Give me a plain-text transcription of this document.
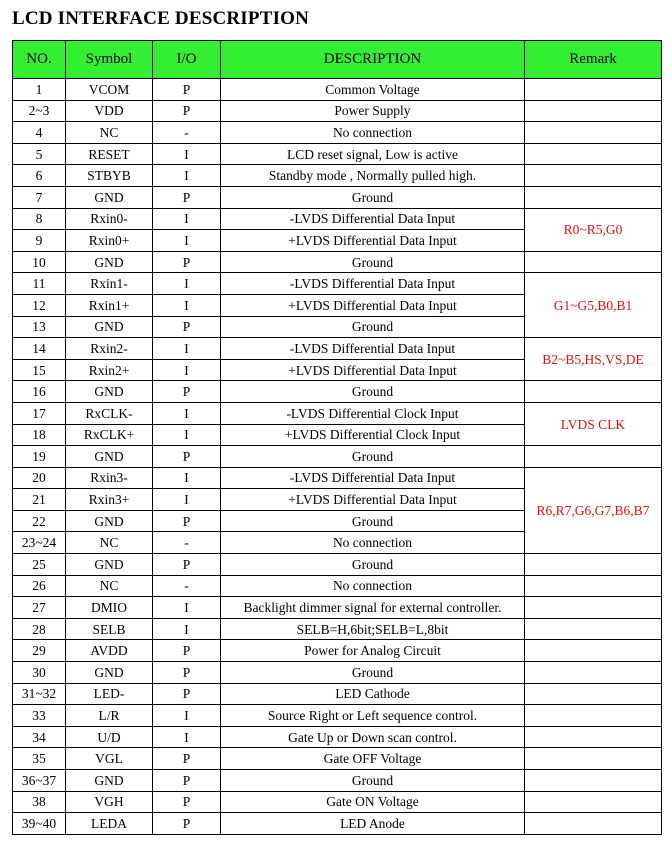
LCD INTERFACE DESCRIPTION
NO.	Symbol	I/O	DESCRIPTION	Remark
1	VCOM	P	Common Voltage	
2~3	VDD	P	Power Supply	
4	NC	-	No connection	
5	RESET	I	LCD reset signal, Low is active	
6	STBYB	I	Standby mode , Normally pulled high.	
7	GND	P	Ground	
8	Rxin0-	I	-LVDS Differential Data Input	R0~R5,G0
9	Rxin0+	I	+LVDS Differential Data Input	
10	GND	P	Ground	
11	Rxin1-	I	-LVDS Differential Data Input	G1~G5,B0,B1
12	Rxin1+	I	+LVDS Differential Data Input	
13	GND	P	Ground	
14	Rxin2-	I	-LVDS Differential Data Input	B2~B5,HS,VS,DE
15	Rxin2+	I	+LVDS Differential Data Input	
16	GND	P	Ground	
17	RxCLK-	I	-LVDS Differential Clock Input	LVDS CLK
18	RxCLK+	I	+LVDS Differential Clock Input	
19	GND	P	Ground	
20	Rxin3-	I	-LVDS Differential Data Input	R6,R7,G6,G7,B6,B7
21	Rxin3+	I	+LVDS Differential Data Input	
22	GND	P	Ground	
23~24	NC	-	No connection	
25	GND	P	Ground	
26	NC	-	No connection	
27	DMIO	I	Backlight dimmer signal for external controller.	
28	SELB	I	SELB=H,6bit;SELB=L,8bit	
29	AVDD	P	Power for Analog Circuit	
30	GND	P	Ground	
31~32	LED-	P	LED Cathode	
33	L/R	I	Source Right or Left sequence control.	
34	U/D	I	Gate Up or Down scan control.	
35	VGL	P	Gate OFF Voltage	
36~37	GND	P	Ground	
38	VGH	P	Gate ON Voltage	
39~40	LEDA	P	LED Anode	
